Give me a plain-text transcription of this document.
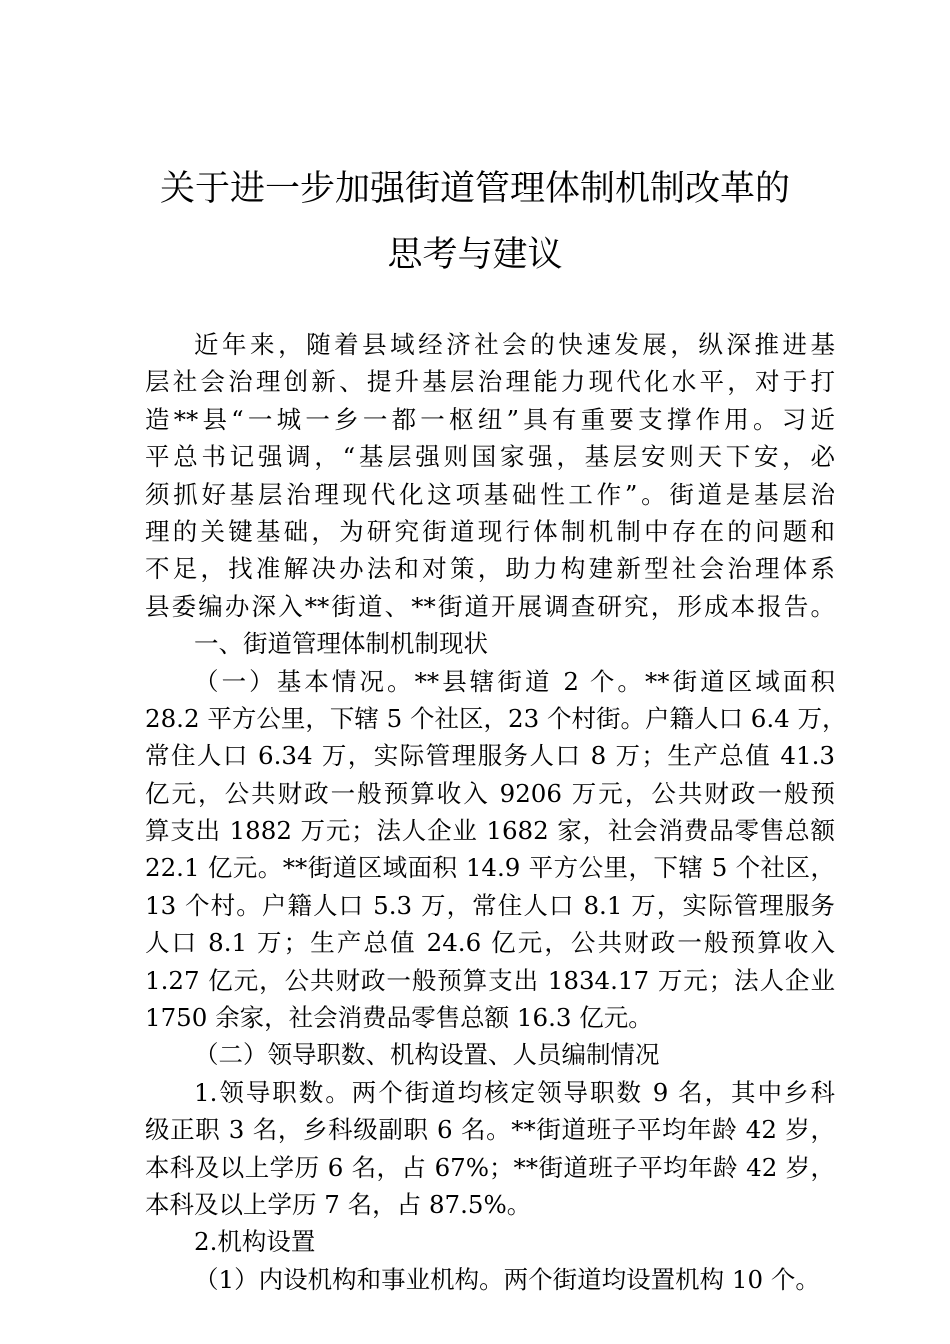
关于进一步加强街道管理体制机制改革的
思考与建议
近年来，随着县域经济社会的快速发展，纵深推进基
层社会治理创新、提升基层治理能力现代化水平，对于打
造**县“一城一乡一都一枢纽”具有重要支撑作用。习近
平总书记强调，“基层强则国家强，基层安则天下安，必
须抓好基层治理现代化这项基础性工作”。街道是基层治
理的关键基础，为研究街道现行体制机制中存在的问题和
不足，找准解决办法和对策，助力构建新型社会治理体系
县委编办深入**街道、**街道开展调查研究，形成本报告。
一、街道管理体制机制现状
（一）基本情况。**县辖街道 2 个。**街道区域面积
28.2 平方公里，下辖 5 个社区，23 个村街。户籍人口 6.4 万，
常住人口 6.34 万，实际管理服务人口 8 万；生产总值 41.3
亿元，公共财政一般预算收入 9206 万元，公共财政一般预
算支出 1882 万元；法人企业 1682 家，社会消费品零售总额
22.1 亿元。**街道区域面积 14.9 平方公里，下辖 5 个社区，
13 个村。户籍人口 5.3 万，常住人口 8.1 万，实际管理服务
人口 8.1 万；生产总值 24.6 亿元，公共财政一般预算收入
1.27 亿元，公共财政一般预算支出 1834.17 万元；法人企业
1750 余家，社会消费品零售总额 16.3 亿元。
（二）领导职数、机构设置、人员编制情况
1.领导职数。两个街道均核定领导职数 9 名，其中乡科
级正职 3 名，乡科级副职 6 名。**街道班子平均年龄 42 岁，
本科及以上学历 6 名，占 67%；**街道班子平均年龄 42 岁，
本科及以上学历 7 名，占 87.5%。
2.机构设置
（1）内设机构和事业机构。两个街道均设置机构 10 个。
